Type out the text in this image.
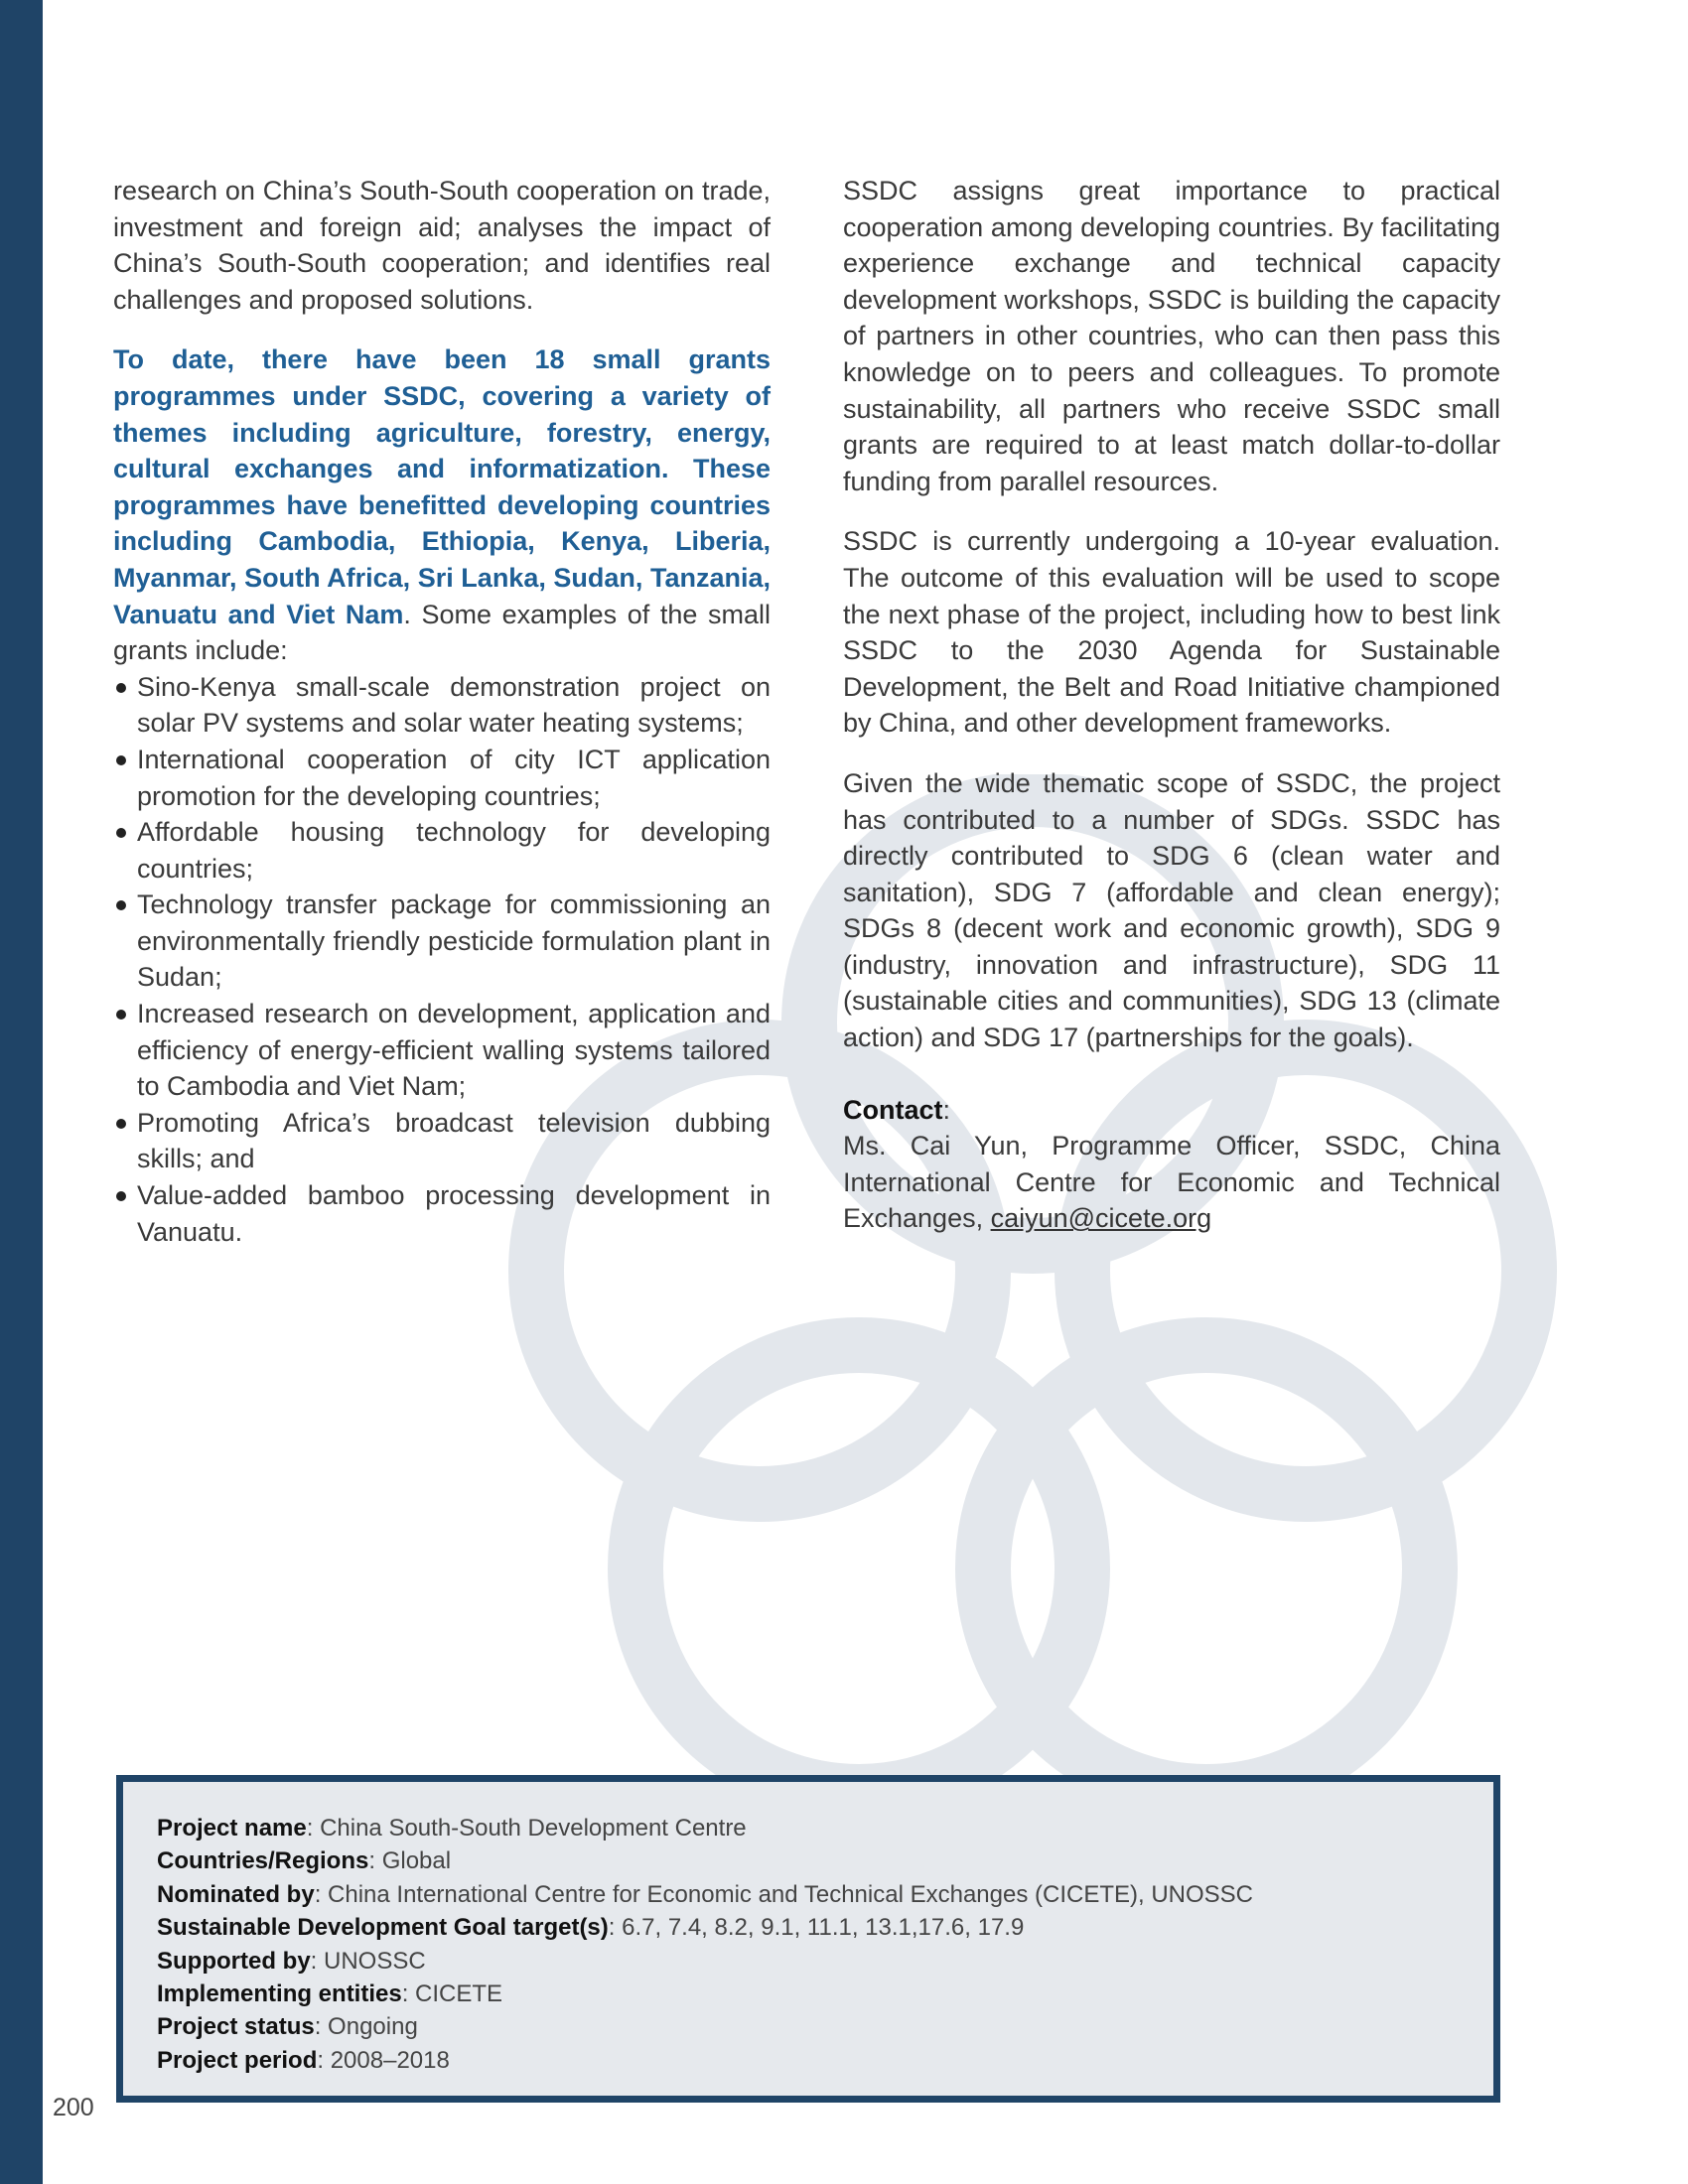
research on China’s South-South cooperation on trade, investment and foreign aid; analyses the impact of China’s South-South cooperation; and identifies real challenges and proposed solutions.

To date, there have been 18 small grants programmes under SSDC, covering a variety of themes including agriculture, forestry, energy, cultural exchanges and informatization. These programmes have benefitted developing countries including Cambodia, Ethiopia, Kenya, Liberia, Myanmar, South Africa, Sri Lanka, Sudan, Tanzania, Vanuatu and Viet Nam. Some examples of the small grants include:

Sino-Kenya small-scale demonstration project on solar PV systems and solar water heating systems;
International cooperation of city ICT application promotion for the developing countries;
Affordable housing technology for developing countries;
Technology transfer package for commissioning an environmentally friendly pesticide formulation plant in Sudan;
Increased research on development, application and efficiency of energy-efficient walling systems tailored to Cambodia and Viet Nam;
Promoting Africa’s broadcast television dubbing skills; and
Value-added bamboo processing development in Vanuatu.

SSDC assigns great importance to practical cooperation among developing countries. By facilitating experience exchange and technical capacity development workshops, SSDC is building the capacity of partners in other countries, who can then pass this knowledge on to peers and colleagues. To promote sustainability, all partners who receive SSDC small grants are required to at least match dollar-to-dollar funding from parallel resources.

SSDC is currently undergoing a 10-year evaluation. The outcome of this evaluation will be used to scope the next phase of the project, including how to best link SSDC to the 2030 Agenda for Sustainable Development, the Belt and Road Initiative championed by China, and other development frameworks.

Given the wide thematic scope of SSDC, the project has contributed to a number of SDGs. SSDC has directly contributed to SDG 6 (clean water and sanitation), SDG 7 (affordable and clean energy); SDGs 8 (decent work and economic growth), SDG 9 (industry, innovation and infrastructure), SDG 11 (sustainable cities and communities), SDG 13 (climate action) and SDG 17 (partnerships for the goals).

Contact:
Ms. Cai Yun, Programme Officer, SSDC, China International Centre for Economic and Technical Exchanges, caiyun@cicete.org

Project name: China South-South Development Centre
Countries/Regions: Global
Nominated by: China International Centre for Economic and Technical Exchanges (CICETE), UNOSSC
Sustainable Development Goal target(s): 6.7, 7.4, 8.2, 9.1, 11.1, 13.1,17.6, 17.9
Supported by: UNOSSC
Implementing entities: CICETE
Project status: Ongoing
Project period: 2008–2018
200
